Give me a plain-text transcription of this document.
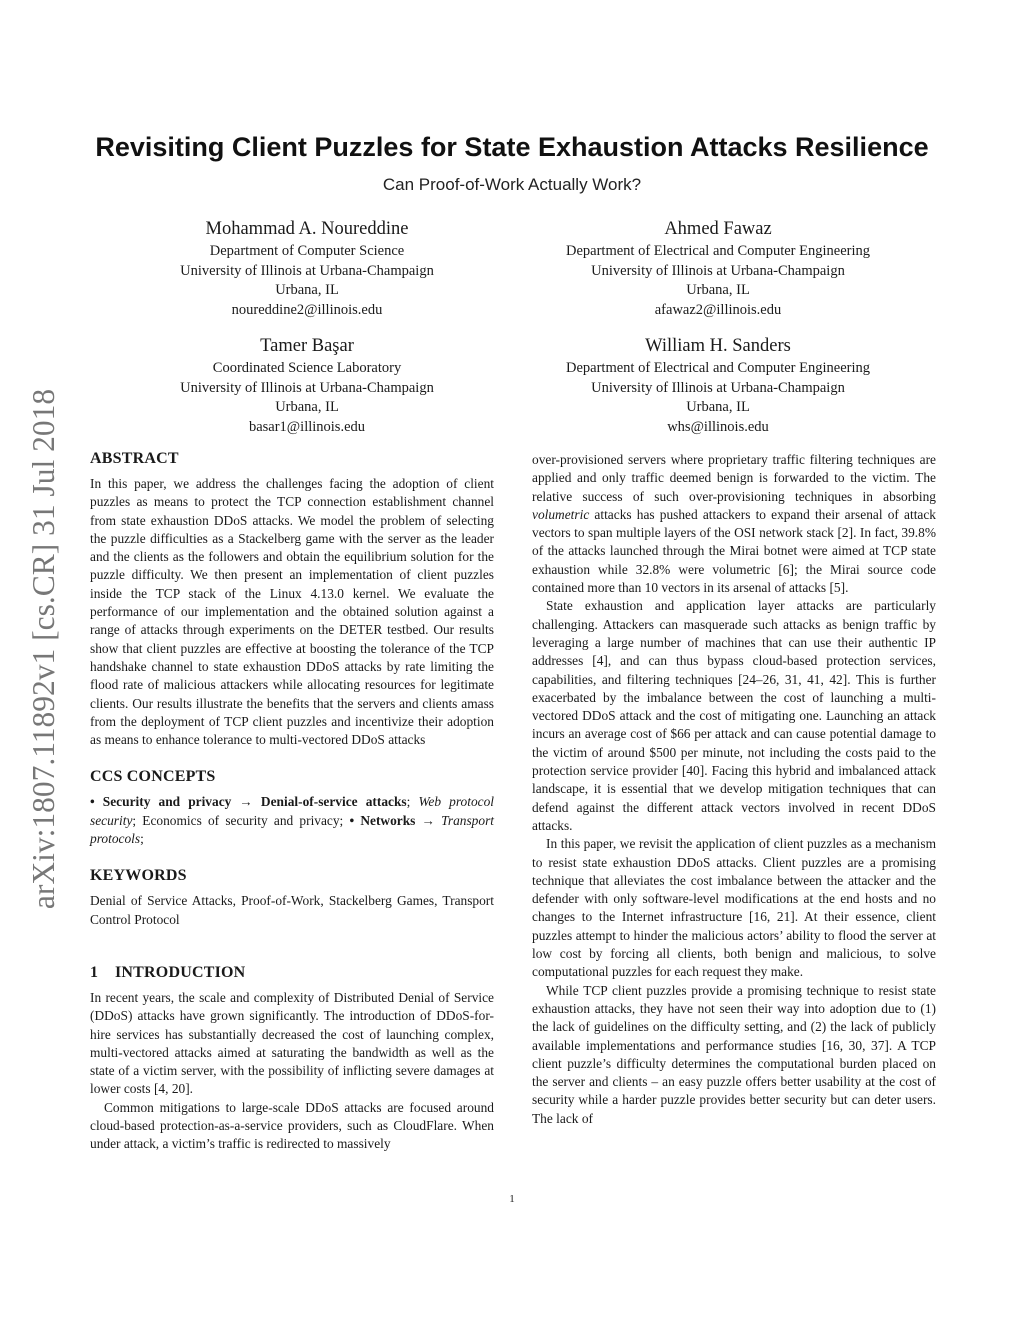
arXiv:1807.11892v1 [cs.CR] 31 Jul 2018
Revisiting Client Puzzles for State Exhaustion Attacks Resilience
Can Proof-of-Work Actually Work?
Mohammad A. Noureddine
Department of Computer Science
University of Illinois at Urbana-Champaign
Urbana, IL
noureddine2@illinois.edu
Ahmed Fawaz
Department of Electrical and Computer Engineering
University of Illinois at Urbana-Champaign
Urbana, IL
afawaz2@illinois.edu
Tamer Başar
Coordinated Science Laboratory
University of Illinois at Urbana-Champaign
Urbana, IL
basar1@illinois.edu
William H. Sanders
Department of Electrical and Computer Engineering
University of Illinois at Urbana-Champaign
Urbana, IL
whs@illinois.edu
ABSTRACT

In this paper, we address the challenges facing the adoption of client puzzles as means to protect the TCP connection establishment channel from state exhaustion DDoS attacks. We model the problem of selecting the puzzle difficulties as a Stackelberg game with the server as the leader and the clients as the followers and obtain the equilibrium solution for the puzzle difficulty. We then present an implementation of client puzzles inside the TCP stack of the Linux 4.13.0 kernel. We evaluate the performance of our implementation and the obtained solution against a range of attacks through experiments on the DETER testbed. Our results show that client puzzles are effective at boosting the tolerance of the TCP handshake channel to state exhaustion DDoS attacks by rate limiting the flood rate of malicious attackers while allocating resources for legitimate clients. Our results illustrate the benefits that the servers and clients amass from the deployment of TCP client puzzles and incentivize their adoption as means to enhance tolerance to multi-vectored DDoS attacks

CCS CONCEPTS

• Security and privacy → Denial-of-service attacks; Web protocol security; Economics of security and privacy; • Networks → Transport protocols;

KEYWORDS

Denial of Service Attacks, Proof-of-Work, Stackelberg Games, Transport Control Protocol

1    INTRODUCTION

In recent years, the scale and complexity of Distributed Denial of Service (DDoS) attacks have grown significantly. The introduction of DDoS-for-hire services has substantially decreased the cost of launching complex, multi-vectored attacks aimed at saturating the bandwidth as well as the state of a victim server, with the possibility of inflicting severe damages at lower costs [4, 20].

Common mitigations to large-scale DDoS attacks are focused around cloud-based protection-as-a-service providers, such as CloudFlare. When under attack, a victim’s traffic is redirected to massively

over-provisioned servers where proprietary traffic filtering techniques are applied and only traffic deemed benign is forwarded to the victim. The relative success of such over-provisioning techniques in absorbing volumetric attacks has pushed attackers to expand their arsenal of attack vectors to span multiple layers of the OSI network stack [2]. In fact, 39.8% of the attacks launched through the Mirai botnet were aimed at TCP state exhaustion while 32.8% were volumetric [6]; the Mirai source code contained more than 10 vectors in its arsenal of attacks [5].

State exhaustion and application layer attacks are particularly challenging. Attackers can masquerade such attacks as benign traffic by leveraging a large number of machines that can use their authentic IP addresses [4], and can thus bypass cloud-based protection services, capabilities, and filtering techniques [24–26, 31, 41, 42]. This is further exacerbated by the imbalance between the cost of launching a multi-vectored DDoS attack and the cost of mitigating one. Launching an attack incurs an average cost of $66 per attack and can cause potential damage to the victim of around $500 per minute, not including the costs paid to the protection service provider [40]. Facing this hybrid and imbalanced attack landscape, it is essential that we develop mitigation techniques that can defend against the different attack vectors involved in recent DDoS attacks.

In this paper, we revisit the application of client puzzles as a mechanism to resist state exhaustion DDoS attacks. Client puzzles are a promising technique that alleviates the cost imbalance between the attacker and the defender with only software-level modifications at the end hosts and no changes to the Internet infrastructure [16, 21]. At their essence, client puzzles attempt to hinder the malicious actors’ ability to flood the server at low cost by forcing all clients, both benign and malicious, to solve computational puzzles for each request they make.

While TCP client puzzles provide a promising technique to resist state exhaustion attacks, they have not seen their way into adoption due to (1) the lack of guidelines on the difficulty setting, and (2) the lack of publicly available implementations and performance studies [16, 30, 37]. A TCP client puzzle’s difficulty determines the computational burden placed on the server and clients – an easy puzzle offers better usability at the cost of security while a harder puzzle provides better security but can deter users. The lack of

1
